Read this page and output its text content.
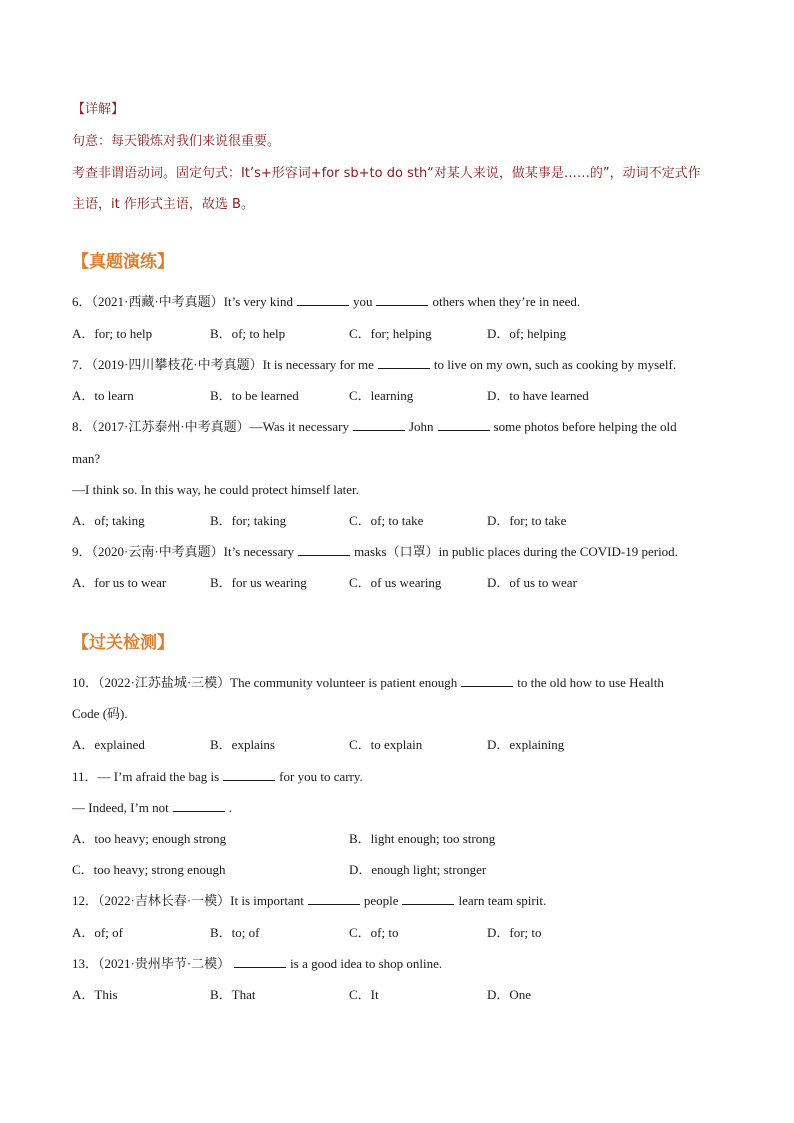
【详解】
句意：每天锻炼对我们来说很重要。
考查非谓语动词。固定句式：It’s+形容词+for sb+to do sth“对某人来说，做某事是……的”，动词不定式作
主语，it 作形式主语，故选 B。
【真题演练】
6．（2021·西藏·中考真题）It’s very kind	you	others when they’re in need.
A．for; to help	B．of; to help	C．for; helping	D．of; helping
7．（2019·四川攀枝花·中考真题）It is necessary for me	to live on my own, such as cooking by myself.
A．to learn	B．to be learned	C．learning	D．to have learned
8．（2017·江苏泰州·中考真题）—Was it necessary	John	some photos before helping the old
man?
—I think so. In this way, he could protect himself later.
A．of; taking	B．for; taking	C．of; to take	D．for; to take
9．（2020·云南·中考真题）It’s necessary	masks（口罩）in public places during the COVID-19 period.
A．for us to wear	B．for us wearing	C．of us wearing	D．of us to wear
【过关检测】
10．（2022·江苏盐城·三模）The community volunteer is patient enough	to the old how to use Health
Code (码).
A．explained	B．explains	C．to explain	D．explaining
11．— I’m afraid the bag is	for you to carry.
— Indeed, I’m not	.
A．too heavy; enough strong	B．light enough; too strong
C．too heavy; strong enough	D．enough light; stronger
12．（2022·吉林长春·一模）It is important	people	learn team spirit.
A．of; of	B．to; of	C．of; to	D．for; to
13．（2021·贵州毕节·二模）	is a good idea to shop online.
A．This	B．That	C．It	D．One
